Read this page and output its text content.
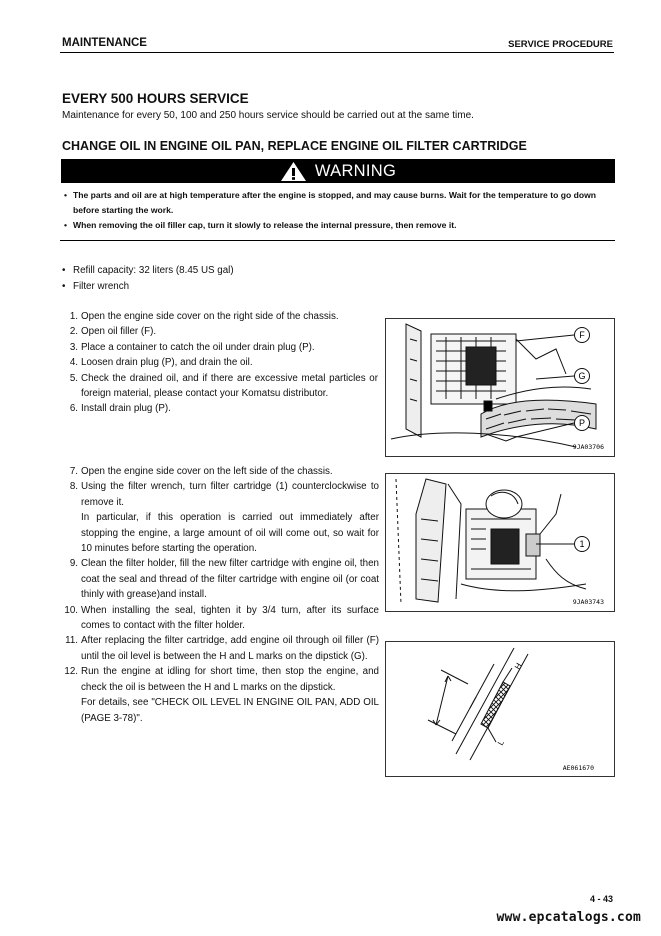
MAINTENANCE	SERVICE PROCEDURE
EVERY 500 HOURS SERVICE
Maintenance for every 50, 100 and 250 hours service should be carried out at the same time.
CHANGE OIL IN ENGINE OIL PAN, REPLACE ENGINE OIL FILTER CARTRIDGE
WARNING
• The parts and oil are at high temperature after the engine is stopped, and may cause burns. Wait for the temperature to go down before starting the work.
• When removing the oil filler cap, turn it slowly to release the internal pressure, then remove it.
• Refill capacity: 32 liters (8.45 US gal)
• Filter wrench
1. Open the engine side cover on the right side of the chassis.
2. Open oil filler (F).
3. Place a container to catch the oil under drain plug (P).
4. Loosen drain plug (P), and drain the oil.
5. Check the drained oil, and if there are excessive metal particles or foreign material, please contact your Komatsu distributor.
6. Install drain plug (P).
7. Open the engine side cover on the left side of the chassis.
8. Using the filter wrench, turn filter cartridge (1) counterclockwise to remove it.
In particular, if this operation is carried out immediately after stopping the engine, a large amount of oil will come out, so wait for 10 minutes before starting the operation.
9. Clean the filter holder, fill the new filter cartridge with engine oil, then coat the seal and thread of the filter cartridge with engine oil (or coat thinly with grease)and install.
10. When installing the seal, tighten it by 3/4 turn, after its surface comes to contact with the filter holder.
11. After replacing the filter cartridge, add engine oil through oil filler (F) until the oil level is between the H and L marks on the dipstick (G).
12. Run the engine at idling for short time, then stop the engine, and check the oil is between the H and L marks on the dipstick.
For details, see "CHECK OIL LEVEL IN ENGINE OIL PAN, ADD OIL (PAGE 3-78)".
F
G
P
9JA03706
1
9JA03743
H
L
AE061670
4 - 43
www.epcatalogs.com
